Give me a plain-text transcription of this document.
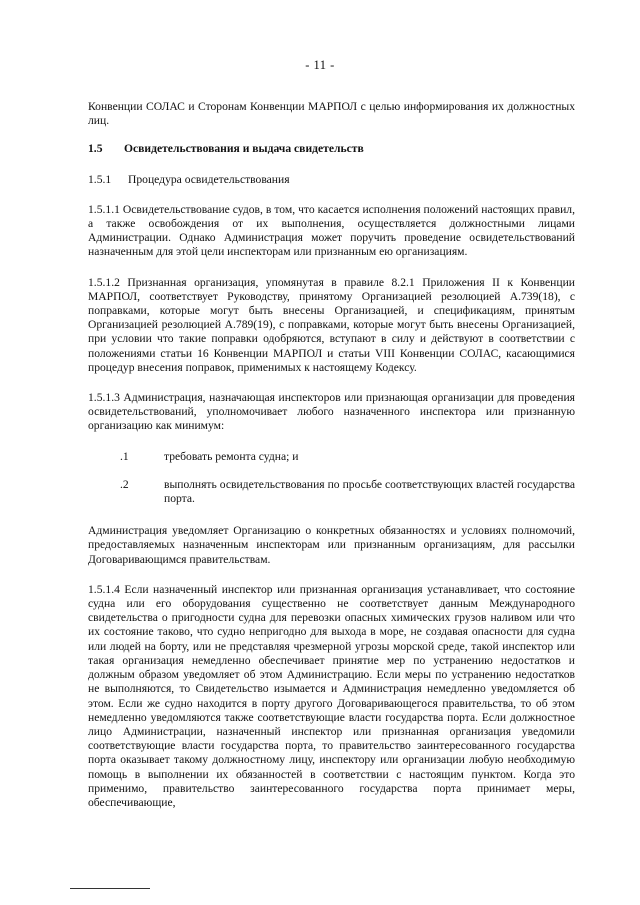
- 11 -

Конвенции СОЛАС и Сторонам Конвенции МАРПОЛ с целью информирования их должностных лиц.

1.5	Освидетельствования и выдача свидетельств
1.5.1	Процедура освидетельствования

1.5.1.1 Освидетельствование судов, в том, что касается исполнения положений настоящих правил, а также освобождения от их выполнения, осуществляется должностными лицами Администрации. Однако Администрация может поручить проведение освидетельствований назначенным для этой цели инспекторам или признанным ею организациям.

1.5.1.2 Признанная организация, упомянутая в правиле 8.2.1 Приложения II к Конвенции МАРПОЛ, соответствует Руководству, принятому Организацией резолюцией A.739(18), с поправками, которые могут быть внесены Организацией, и спецификациям, принятым Организацией резолюцией A.789(19), с поправками, которые могут быть внесены Организацией, при условии что такие поправки одобряются, вступают в силу и действуют в соответствии с положениями статьи 16 Конвенции МАРПОЛ и статьи VIII Конвенции СОЛАС, касающимися процедур внесения поправок, применимых к настоящему Кодексу.

1.5.1.3 Администрация, назначающая инспекторов или признающая организации для проведения освидетельствований, уполномочивает любого назначенного инспектора или признанную организацию как минимум:

.1	требовать ремонта судна; и
.2	выполнять освидетельствования по просьбе соответствующих властей государства порта.

Администрация уведомляет Организацию о конкретных обязанностях и условиях полномочий, предоставляемых назначенным инспекторам или признанным организациям, для рассылки Договаривающимся правительствам.

1.5.1.4 Если назначенный инспектор или признанная организация устанавливает, что состояние судна или его оборудования существенно не соответствует данным Международного свидетельства о пригодности судна для перевозки опасных химических грузов наливом или что их состояние таково, что судно непригодно для выхода в море, не создавая опасности для судна или людей на борту, или не представляя чрезмерной угрозы морской среде, такой инспектор или такая организация немедленно обеспечивает принятие мер по устранению недостатков и должным образом уведомляет об этом Администрацию. Если меры по устранению недостатков не выполняются, то Свидетельство изымается и Администрация немедленно уведомляется об этом. Если же судно находится в порту другого Договаривающегося правительства, то об этом немедленно уведомляются также соответствующие власти государства порта. Если должностное лицо Администрации, назначенный инспектор или признанная организация уведомили соответствующие власти государства порта, то правительство заинтересованного государства порта оказывает такому должностному лицу, инспектору или организации любую необходимую помощь в выполнении их обязанностей в соответствии с настоящим пунктом. Когда это применимо, правительство заинтересованного государства порта принимает меры, обеспечивающие,
